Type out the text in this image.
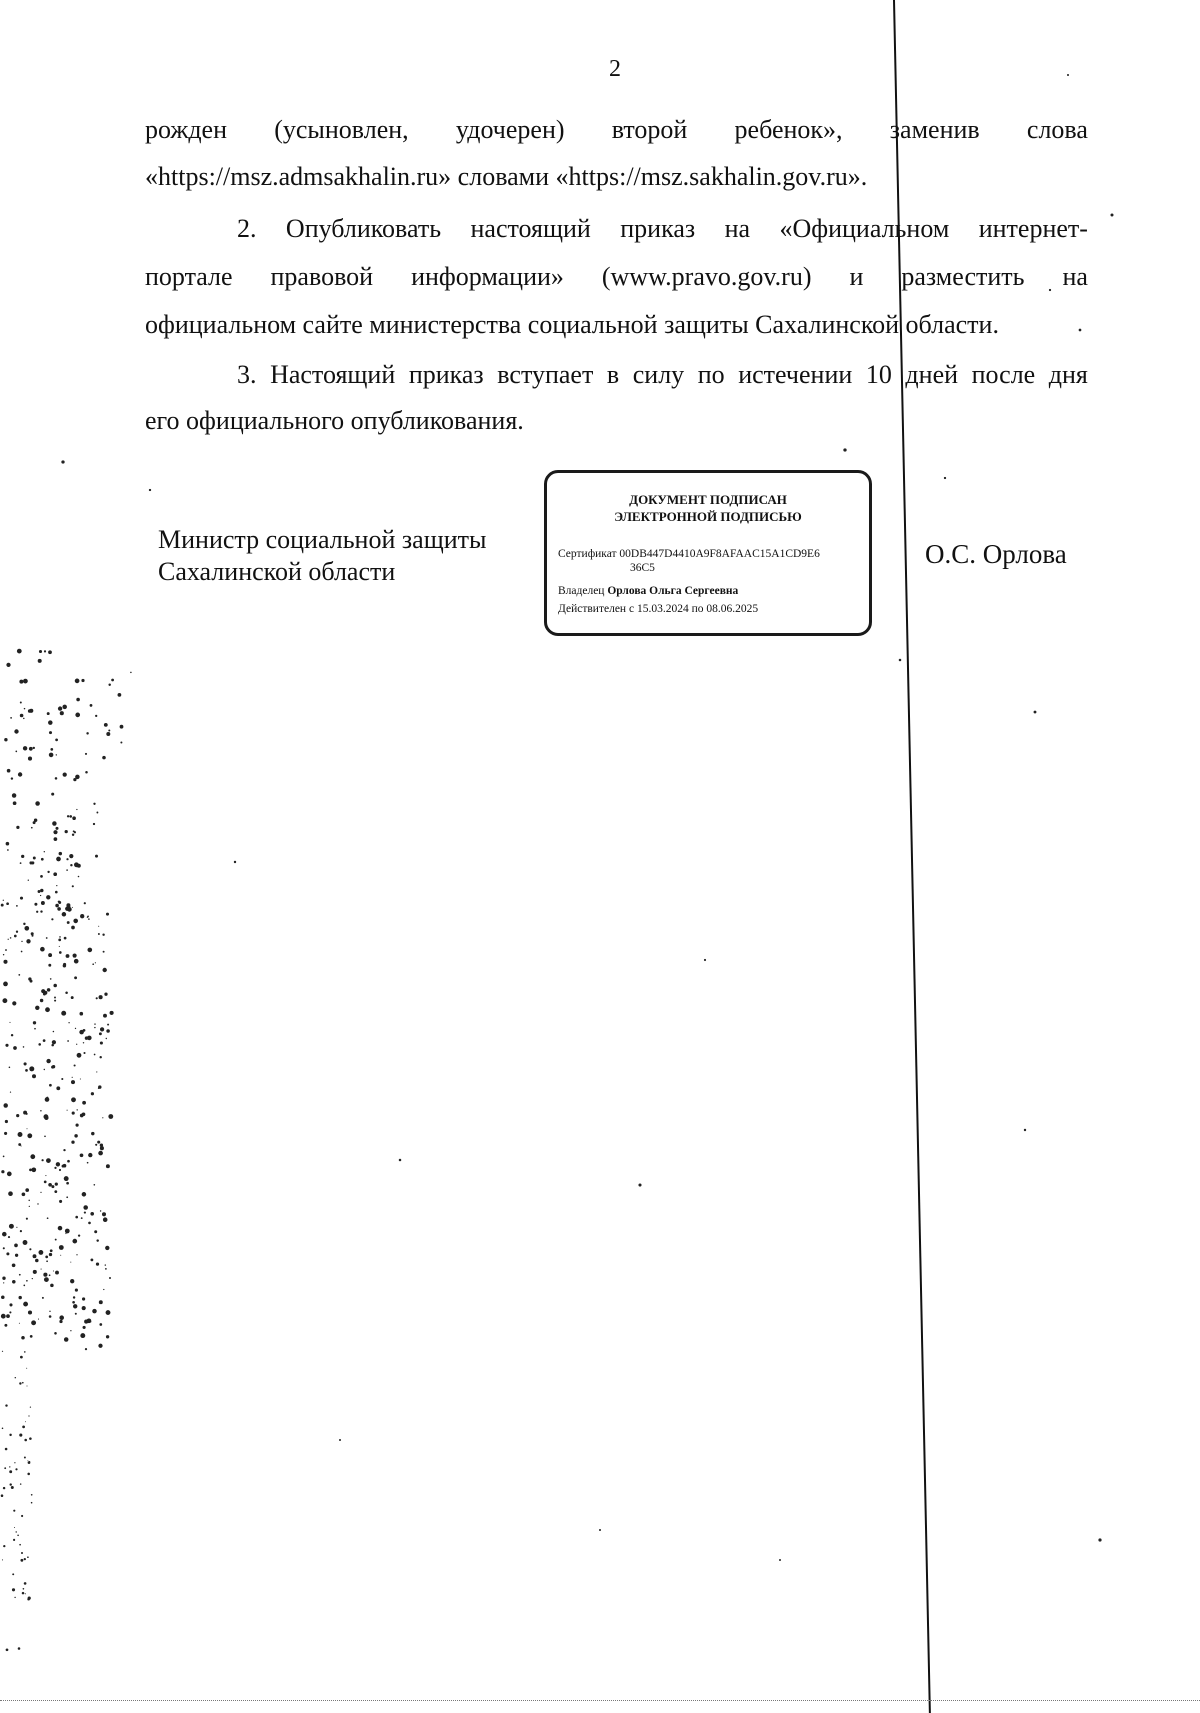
2
рожден (усыновлен, удочерен) второй ребенок», заменив слова
«https://msz.admsakhalin.ru» словами «https://msz.sakhalin.gov.ru».
2. Опубликовать настоящий приказ на «Официальном интернет-
портале правовой информации» (www.pravo.gov.ru) и разместить на
официальном сайте министерства социальной защиты Сахалинской области.
3. Настоящий приказ вступает в силу по истечении 10 дней после дня
его официального опубликования.
Министр социальной защиты
Сахалинской области
О.С. Орлова
ДОКУМЕНТ ПОДПИСАН
ЭЛЕКТРОННОЙ ПОДПИСЬЮ
Сертификат 00DB447D4410A9F8AFAAC15A1CD9E6
36C5
Владелец Орлова Ольга Сергеевна
Действителен с 15.03.2024 по 08.06.2025
